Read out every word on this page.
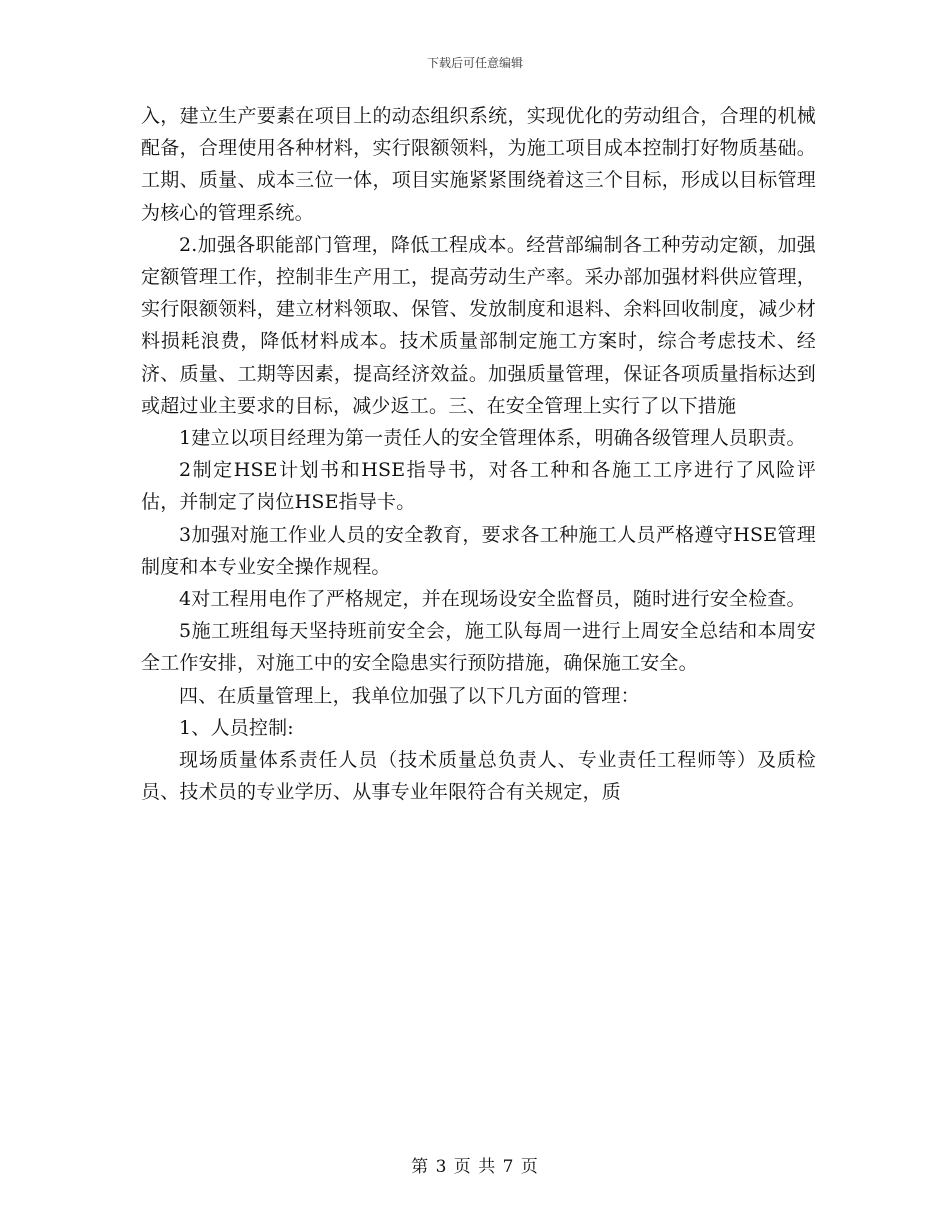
下载后可任意编辑

入，建立生产要素在项目上的动态组织系统，实现优化的劳动组合，合理的机械配备，合理使用各种材料，实行限额领料，为施工项目成本控制打好物质基础。工期、质量、成本三位一体，项目实施紧紧围绕着这三个目标，形成以目标管理为核心的管理系统。

2.加强各职能部门管理，降低工程成本。经营部编制各工种劳动定额，加强定额管理工作，控制非生产用工，提高劳动生产率。采办部加强材料供应管理，实行限额领料，建立材料领取、保管、发放制度和退料、余料回收制度，减少材料损耗浪费，降低材料成本。技术质量部制定施工方案时，综合考虑技术、经济、质量、工期等因素，提高经济效益。加强质量管理，保证各项质量指标达到或超过业主要求的目标，减少返工。三、在安全管理上实行了以下措施

1建立以项目经理为第一责任人的安全管理体系，明确各级管理人员职责。

2制定HSE计划书和HSE指导书，对各工种和各施工工序进行了风险评估，并制定了岗位HSE指导卡。

3加强对施工作业人员的安全教育，要求各工种施工人员严格遵守HSE管理制度和本专业安全操作规程。

4对工程用电作了严格规定，并在现场设安全监督员，随时进行安全检查。

5施工班组每天坚持班前安全会，施工队每周一进行上周安全总结和本周安全工作安排，对施工中的安全隐患实行预防措施，确保施工安全。

四、在质量管理上，我单位加强了以下几方面的管理：

1、人员控制:

现场质量体系责任人员（技术质量总负责人、专业责任工程师等）及质检员、技术员的专业学历、从事专业年限符合有关规定，质

第 3 页 共 7 页
